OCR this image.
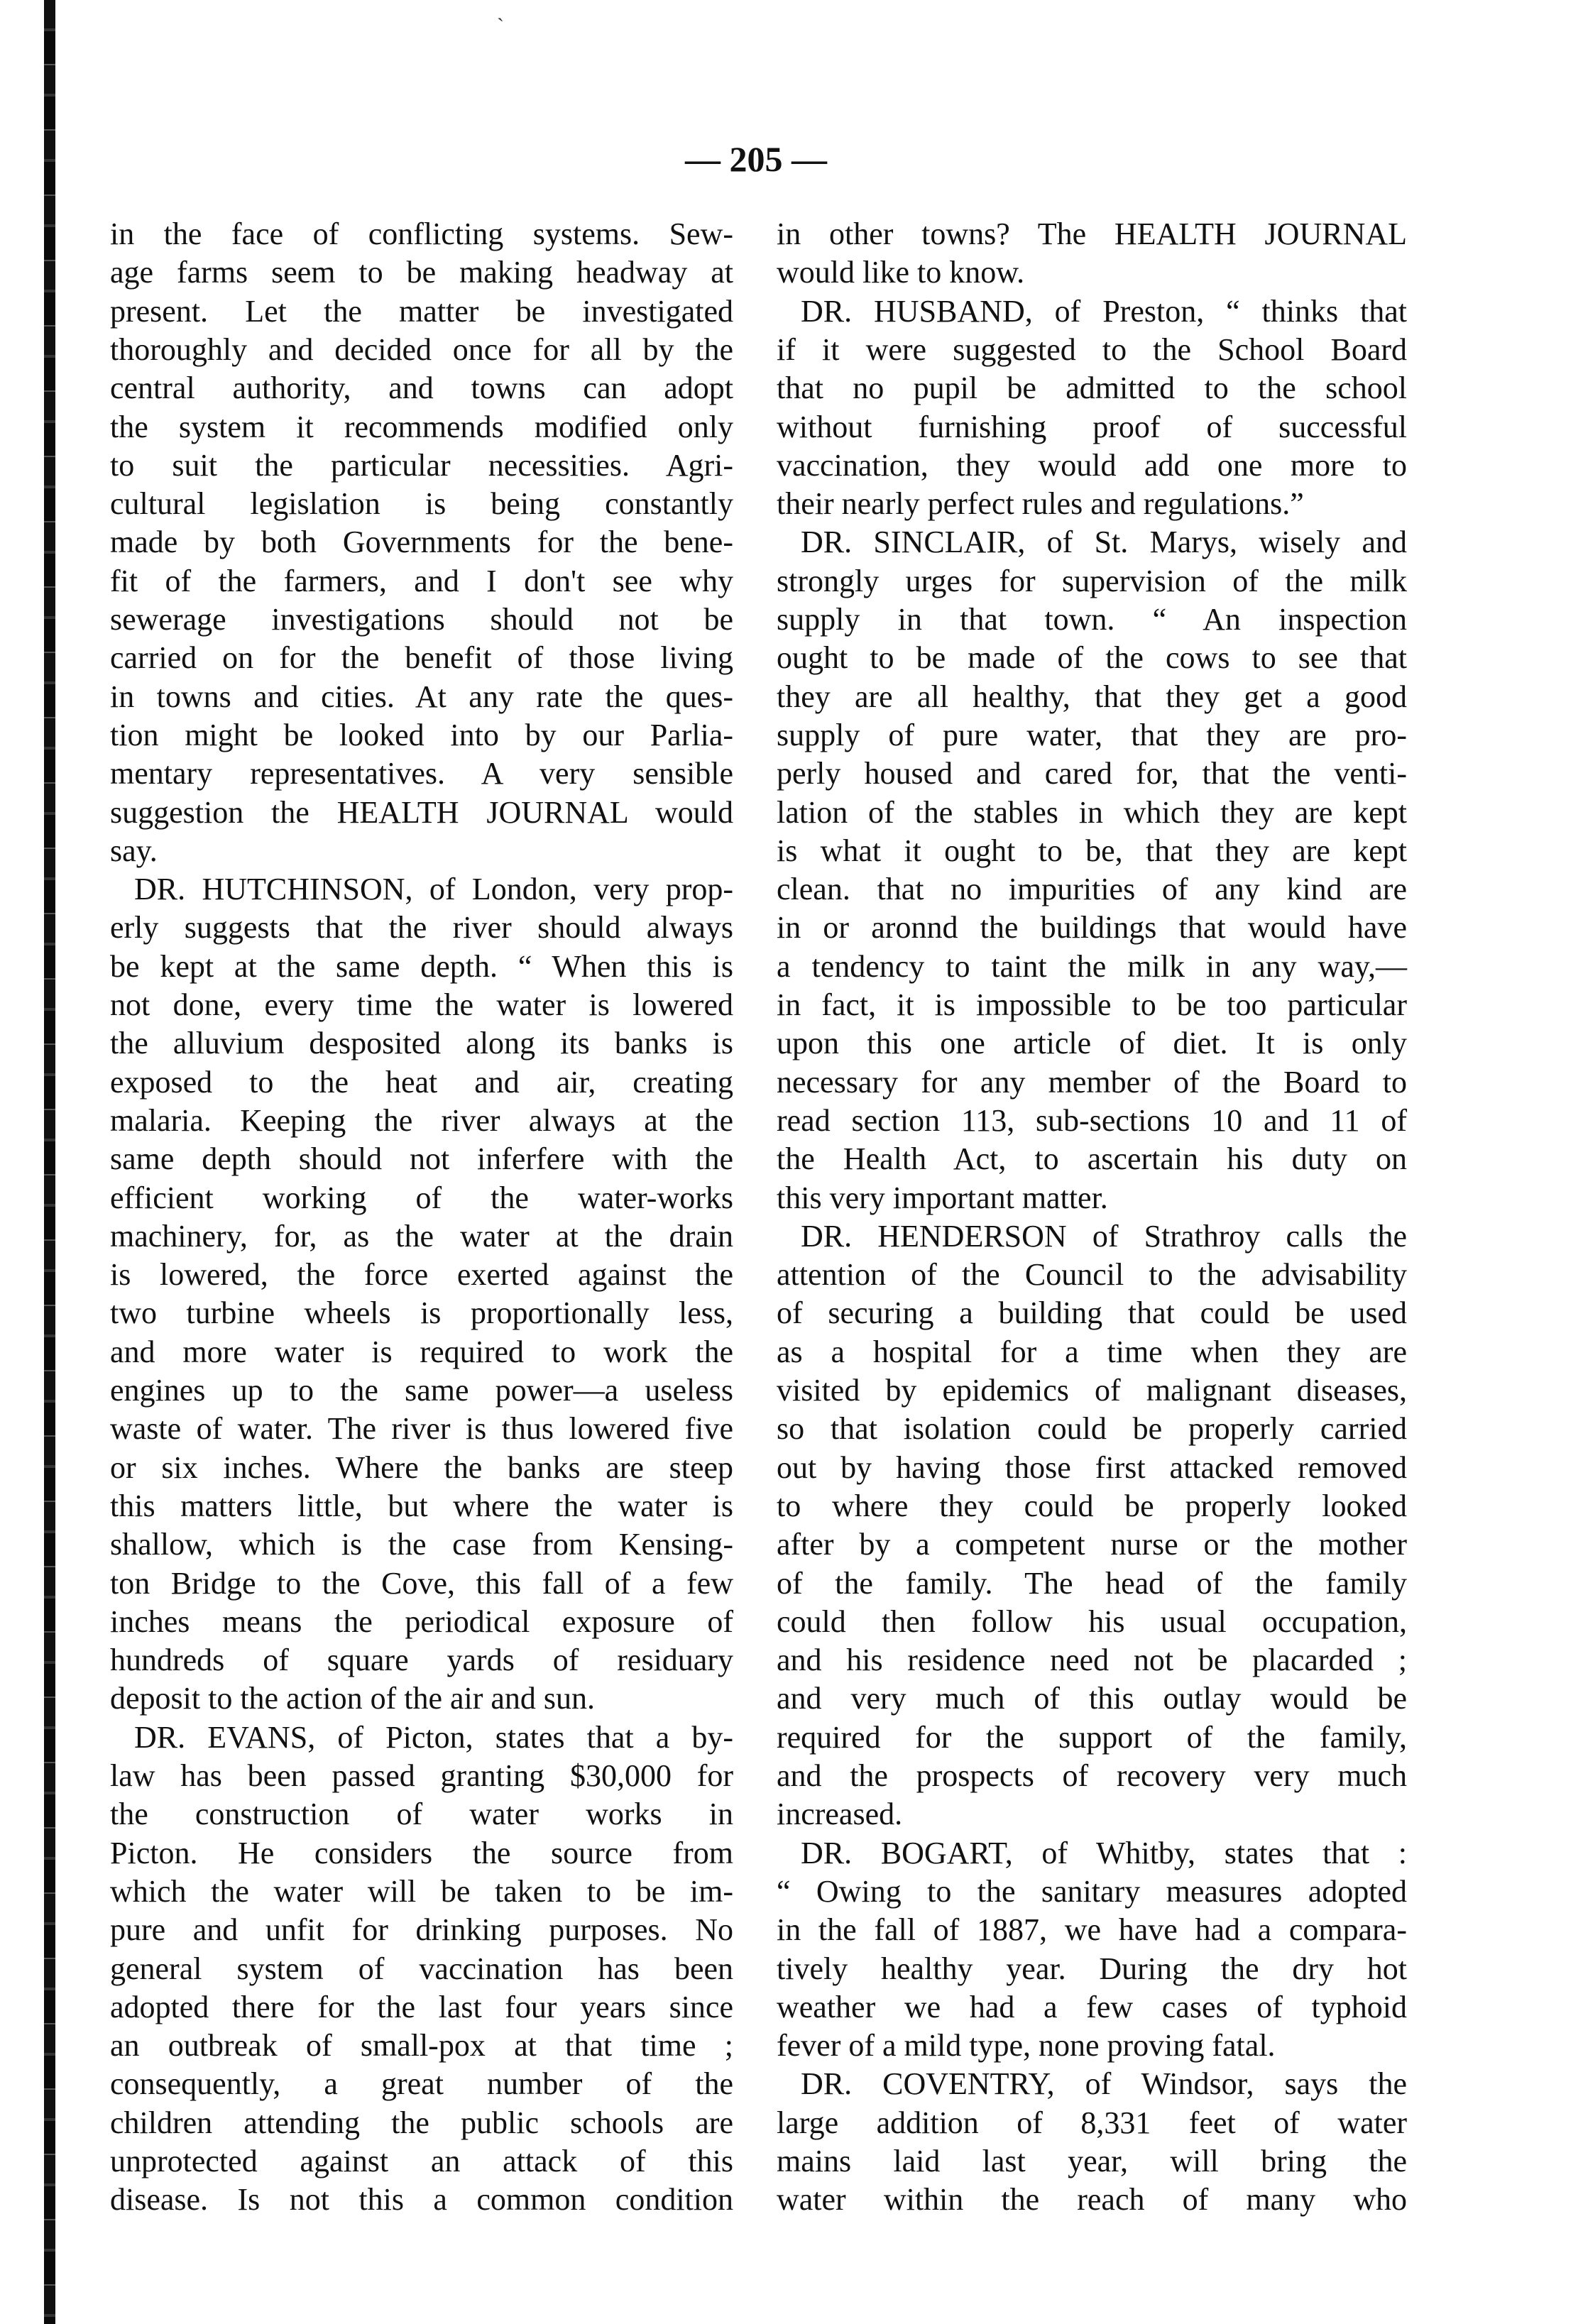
— 205 —
in the face of conflicting systems. Sew-
age farms seem to be making headway at
present. Let the matter be investigated
thoroughly and decided once for all by the
central authority, and towns can adopt
the system it recommends modified only
to suit the particular necessities. Agri-
cultural legislation is being constantly
made by both Governments for the bene-
fit of the farmers, and I don't see why
sewerage investigations should not be
carried on for the benefit of those living
in towns and cities. At any rate the ques-
tion might be looked into by our Parlia-
mentary representatives. A very sensible
suggestion the HEALTH JOURNAL would
say.
DR. HUTCHINSON, of London, very prop-
erly suggests that the river should always
be kept at the same depth. “ When this is
not done, every time the water is lowered
the alluvium desposited along its banks is
exposed to the heat and air, creating
malaria. Keeping the river always at the
same depth should not inferfere with the
efficient working of the water-works
machinery, for, as the water at the drain
is lowered, the force exerted against the
two turbine wheels is proportionally less,
and more water is required to work the
engines up to the same power—a useless
waste of water. The river is thus lowered five
or six inches. Where the banks are steep
this matters little, but where the water is
shallow, which is the case from Kensing-
ton Bridge to the Cove, this fall of a few
inches means the periodical exposure of
hundreds of square yards of residuary
deposit to the action of the air and sun.
DR. EVANS, of Picton, states that a by-
law has been passed granting $30,000 for
the construction of water works in
Picton. He considers the source from
which the water will be taken to be im-
pure and unfit for drinking purposes. No
general system of vaccination has been
adopted there for the last four years since
an outbreak of small-pox at that time ;
consequently, a great number of the
children attending the public schools are
unprotected against an attack of this
disease. Is not this a common condition
in other towns? The HEALTH JOURNAL
would like to know.
DR. HUSBAND, of Preston, “ thinks that
if it were suggested to the School Board
that no pupil be admitted to the school
without furnishing proof of successful
vaccination, they would add one more to
their nearly perfect rules and regulations.”
DR. SINCLAIR, of St. Marys, wisely and
strongly urges for supervision of the milk
supply in that town. “ An inspection
ought to be made of the cows to see that
they are all healthy, that they get a good
supply of pure water, that they are pro-
perly housed and cared for, that the venti-
lation of the stables in which they are kept
is what it ought to be, that they are kept
clean. that no impurities of any kind are
in or aronnd the buildings that would have
a tendency to taint the milk in any way,—
in fact, it is impossible to be too particular
upon this one article of diet. It is only
necessary for any member of the Board to
read section 113, sub-sections 10 and 11 of
the Health Act, to ascertain his duty on
this very important matter.
DR. HENDERSON of Strathroy calls the
attention of the Council to the advisability
of securing a building that could be used
as a hospital for a time when they are
visited by epidemics of malignant diseases,
so that isolation could be properly carried
out by having those first attacked removed
to where they could be properly looked
after by a competent nurse or the mother
of the family. The head of the family
could then follow his usual occupation,
and his residence need not be placarded ;
and very much of this outlay would be
required for the support of the family,
and the prospects of recovery very much
increased.
DR. BOGART, of Whitby, states that :
“ Owing to the sanitary measures adopted
in the fall of 1887, we have had a compara-
tively healthy year. During the dry hot
weather we had a few cases of typhoid
fever of a mild type, none proving fatal.
DR. COVENTRY, of Windsor, says the
large addition of 8,331 feet of water
mains laid last year, will bring the
water within the reach of many who
`
